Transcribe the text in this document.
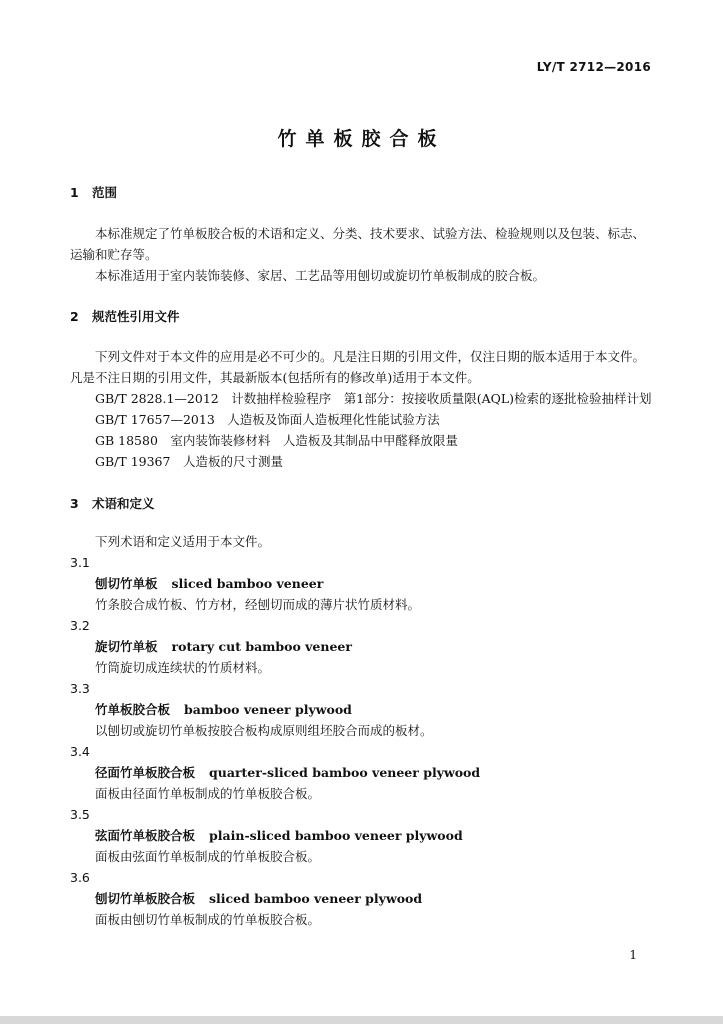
LY/T 2712—2016
竹单板胶合板

1 范围

本标准规定了竹单板胶合板的术语和定义、分类、技术要求、试验方法、检验规则以及包装、标志、运输和贮存等。

本标准适用于室内装饰装修、家居、工艺品等用刨切或旋切竹单板制成的胶合板。

2 规范性引用文件

下列文件对于本文件的应用是必不可少的。凡是注日期的引用文件，仅注日期的版本适用于本文件。凡是不注日期的引用文件，其最新版本(包括所有的修改单)适用于本文件。

GB/T 2828.1—2012　计数抽样检验程序　第1部分：按接收质量限(AQL)检索的逐批检验抽样计划

GB/T 17657—2013　人造板及饰面人造板理化性能试验方法

GB 18580　室内装饰装修材料　人造板及其制品中甲醛释放限量

GB/T 19367　人造板的尺寸测量

3 术语和定义

下列术语和定义适用于本文件。

3.1

刨切竹单板 sliced bamboo veneer

竹条胶合成竹板、竹方材，经刨切而成的薄片状竹质材料。

3.2

旋切竹单板 rotary cut bamboo veneer

竹筒旋切成连续状的竹质材料。

3.3

竹单板胶合板 bamboo veneer plywood

以刨切或旋切竹单板按胶合板构成原则组坯胶合而成的板材。

3.4

径面竹单板胶合板 quarter-sliced bamboo veneer plywood

面板由径面竹单板制成的竹单板胶合板。

3.5

弦面竹单板胶合板 plain-sliced bamboo veneer plywood

面板由弦面竹单板制成的竹单板胶合板。

3.6

刨切竹单板胶合板 sliced bamboo veneer plywood

面板由刨切竹单板制成的竹单板胶合板。

1
